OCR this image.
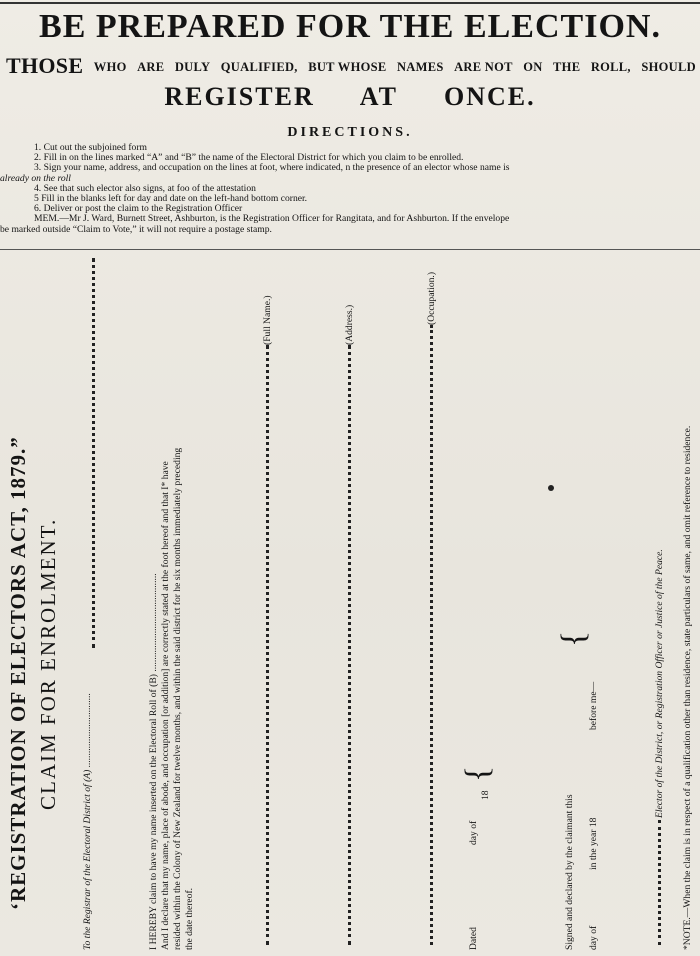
BE PREPARED FOR THE ELECTION.
THOSE WHO ARE DULY QUALIFIED, BUT WHOSE NAMES ARE NOT ON THE ROLL, SHOULD
REGISTER AT ONCE.
DIRECTIONS.
1. Cut out the subjoined form
2. Fill in on the lines marked “A” and “B” the name of the Electoral District for which you claim to be enrolled.
3. Sign your name, address, and occupation on the lines at foot, where indicated, n the presence of an elector whose name is
already on the roll
4. See that such elector also signs, at foo of the attestation
5 Fill in the blanks left for day and date on the left-hand bottom corner.
6. Deliver or post the claim to the Registration Officer
MEM.—Mr J. Ward, Burnett Street, Ashburton, is the Registration Officer for Rangitata, and for Ashburton. If the envelope
be marked outside “Claim to Vote,” it will not require a postage stamp.
‘REGISTRATION OF ELECTORS ACT, 1879.” CLAIM FOR ENROLMENT.
To the Registrar of the Electoral District of (A) ...............................	I HEREBY claim to have my name inserted on the Electoral Roll of (B) ......................................... And I declare that my name, place of abode, and occupation [or addition] are correctly stated at the foot hereof and that I* have resided within the Colony of New Zealand for twelve months, and within the said district for he six months immediately preceding the date thereof.
(Full Name.)	(Address.)	(Occupation.)
Dated
day of
18
{
Signed and declared by the claimant this day of
in the year 18
before me—
{	Elector of the District, or Registration Officer or Justice of the Peace. *NOTE.—When the claim is in respect of a qualification other than residence, state particulars of same, and omit reference to residence.
